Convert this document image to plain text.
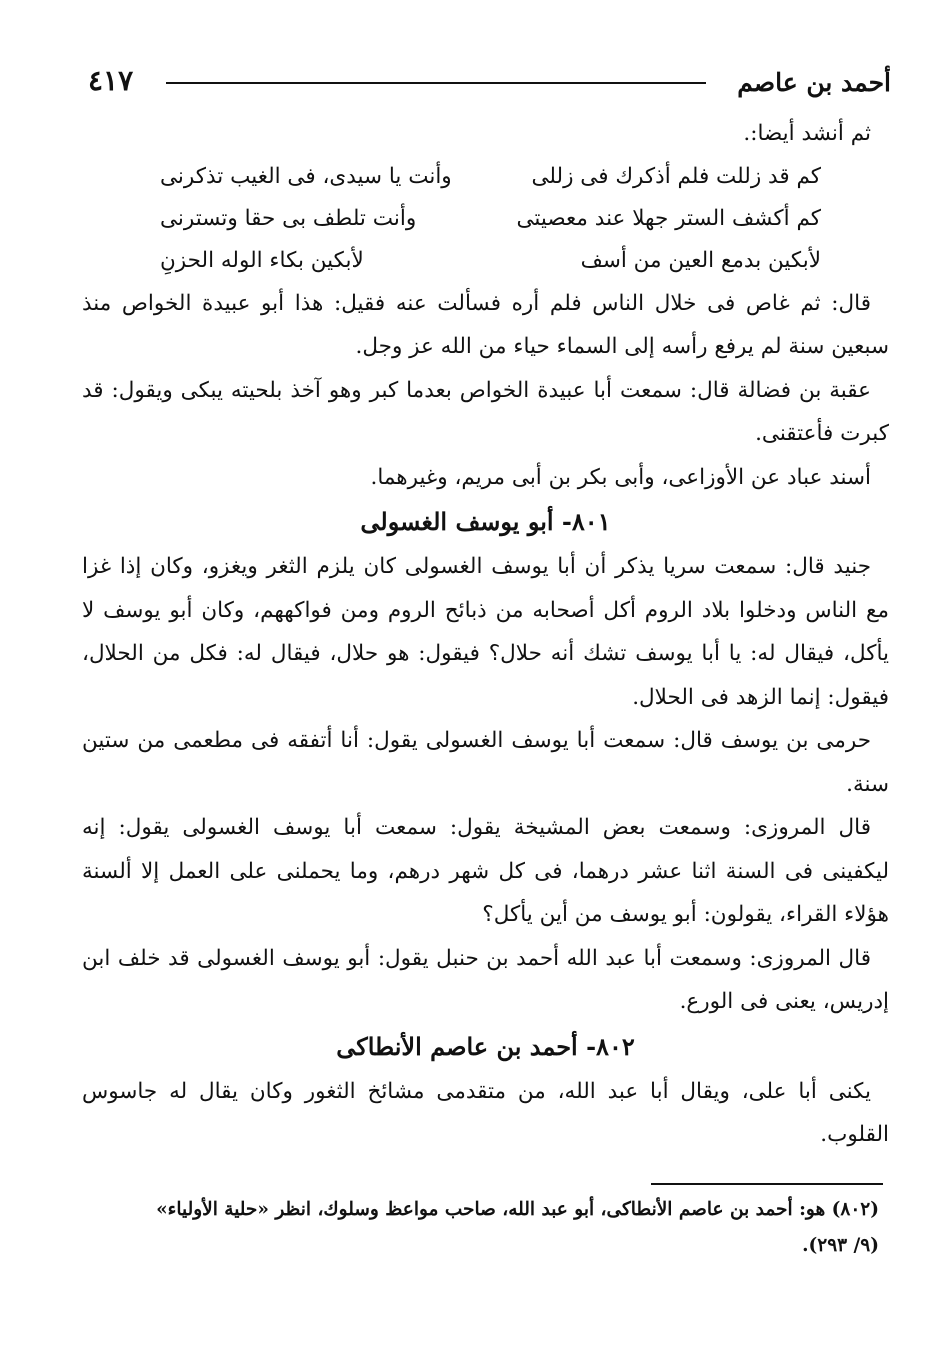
أحمد بن عاصم
٤١٧

ثم أنشد أيضا:.

كم قد زللت فلم أذكرك فى زللى
وأنت يا سيدى، فى الغيب تذكرنى
كم أكشف الستر جهلا عند معصيتى
وأنت تلطف بى حقا وتسترنى
لأبكين بدمع العين من أسف
لأبكين بكاء الوله الحزنِ

قال: ثم غاص فى خلال الناس فلم أره فسألت عنه فقيل: هذا أبو عبيدة الخواص منذ سبعين سنة لم يرفع رأسه إلى السماء حياء من الله عز وجل.

عقبة بن فضالة قال: سمعت أبا عبيدة الخواص بعدما كبر وهو آخذ بلحيته يبكى ويقول: قد كبرت فأعتقنى.

أسند عباد عن الأوزاعى، وأبى بكر بن أبى مريم، وغيرهما.

٨٠١- أبو يوسف الغسولى

جنيد قال: سمعت سريا يذكر أن أبا يوسف الغسولى كان يلزم الثغر ويغزو، وكان إذا غزا مع الناس ودخلوا بلاد الروم أكل أصحابه من ذبائح الروم ومن فواكههم، وكان أبو يوسف لا يأكل، فيقال له: يا أبا يوسف تشك أنه حلال؟ فيقول: هو حلال، فيقال له: فكل من الحلال، فيقول: إنما الزهد فى الحلال.

حرمى بن يوسف قال: سمعت أبا يوسف الغسولى يقول: أنا أتفقه فى مطعمى من ستين سنة.

قال المروزى: وسمعت بعض المشيخة يقول: سمعت أبا يوسف الغسولى يقول: إنه ليكفينى فى السنة اثنا عشر درهما، فى كل شهر درهم، وما يحملنى على العمل إلا ألسنة هؤلاء القراء، يقولون: أبو يوسف من أين يأكل؟

قال المروزى: وسمعت أبا عبد الله أحمد بن حنبل يقول: أبو يوسف الغسولى قد خلف ابن إدريس، يعنى فى الورع.

٨٠٢- أحمد بن عاصم الأنطاكى

يكنى أبا على، ويقال أبا عبد الله، من متقدمى مشائخ الثغور وكان يقال له جاسوس القلوب.

(٨٠٢) هو: أحمد بن عاصم الأنطاكى، أبو عبد الله، صاحب مواعظ وسلوك، انظر «حلية الأولياء»

(٩/ ٢٩٣).
